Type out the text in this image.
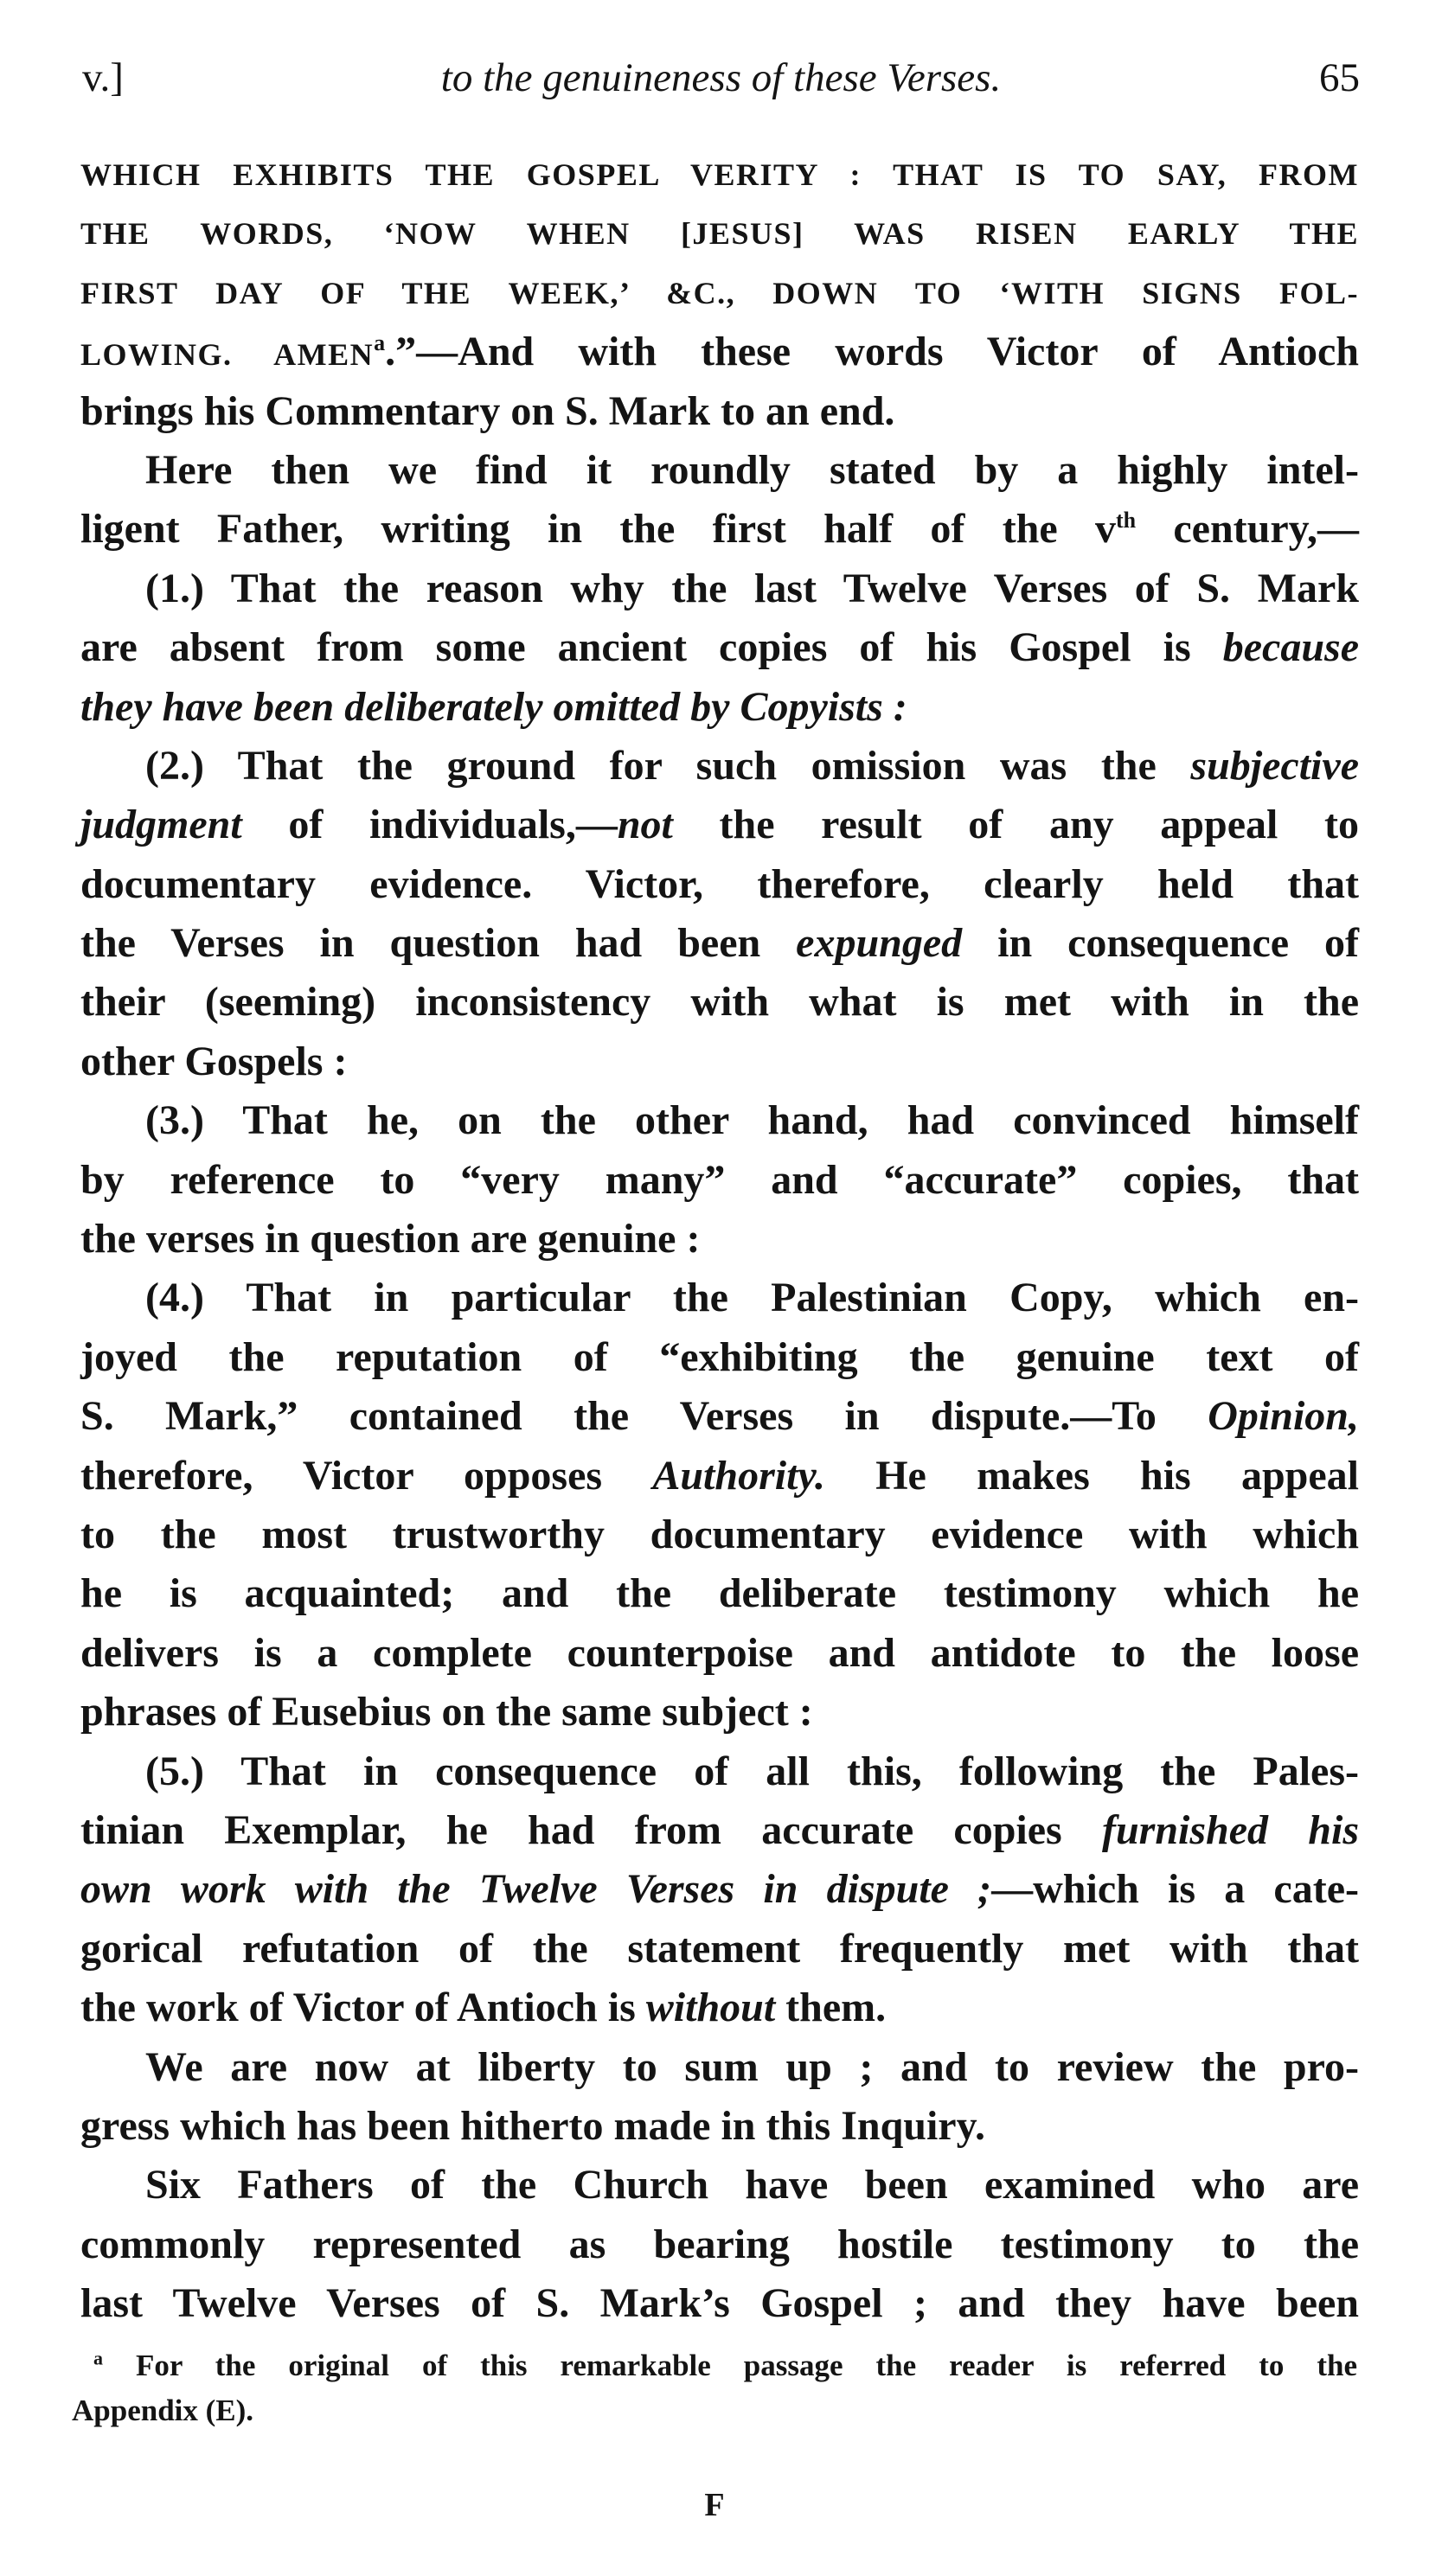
v.]	to the genuineness of these Verses.	65
WHICH EXHIBITS THE GOSPEL VERITY : THAT IS TO SAY, FROM
THE WORDS, ‘NOW WHEN [JESUS] WAS RISEN EARLY THE
FIRST DAY OF THE WEEK,’ &C., DOWN TO ‘WITH SIGNS FOL-
LOWING. AMEN$^a$.”—And with these words Victor of Antioch
brings his Commentary on S. Mark to an end.
Here then we find it roundly stated by a highly intel-
ligent Father, writing in the first half of the $v^{th}$ century,—
(1.) That the reason why the last Twelve Verses of S. Mark
are absent from some ancient copies of his Gospel is because
they have been deliberately omitted by Copyists :
(2.) That the ground for such omission was the subjective
judgment of individuals,—not the result of any appeal to
documentary evidence. Victor, therefore, clearly held that
the Verses in question had been expunged in consequence of
their (seeming) inconsistency with what is met with in the
other Gospels :
(3.) That he, on the other hand, had convinced himself
by reference to “very many” and “accurate” copies, that
the verses in question are genuine :
(4.) That in particular the Palestinian Copy, which en-
joyed the reputation of “exhibiting the genuine text of
S. Mark,” contained the Verses in dispute.—To Opinion,
therefore, Victor opposes Authority. He makes his appeal
to the most trustworthy documentary evidence with which
he is acquainted; and the deliberate testimony which he
delivers is a complete counterpoise and antidote to the loose
phrases of Eusebius on the same subject :
(5.) That in consequence of all this, following the Pales-
tinian Exemplar, he had from accurate copies furnished his
own work with the Twelve Verses in dispute ;—which is a cate-
gorical refutation of the statement frequently met with that
the work of Victor of Antioch is without them.
We are now at liberty to sum up ; and to review the pro-
gress which has been hitherto made in this Inquiry.
Six Fathers of the Church have been examined who are
commonly represented as bearing hostile testimony to the
last Twelve Verses of S. Mark’s Gospel ; and they have been
$^a$ For the original of this remarkable passage the reader is referred to the
Appendix (E).
F
